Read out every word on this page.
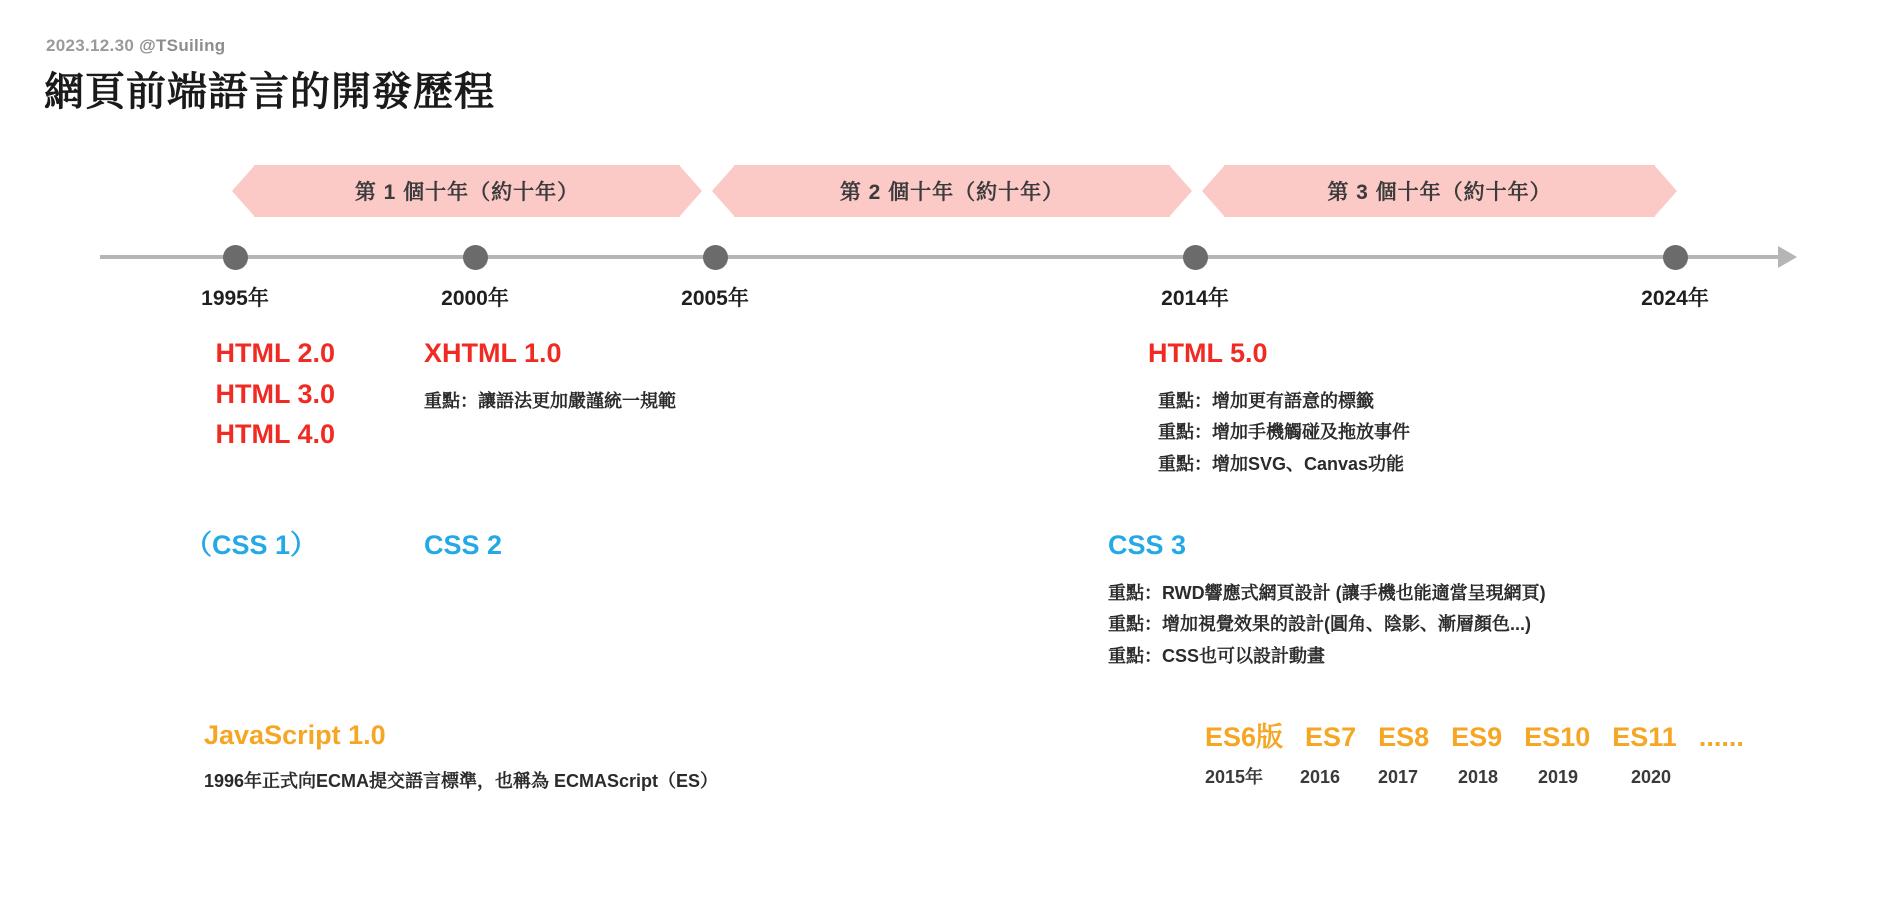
2023.12.30 @TSuiling
網頁前端語言的開發歷程
第 1 個十年（約十年）	第 2 個十年（約十年）	第 3 個十年（約十年）
1995年	2000年	2005年	2014年	2024年
HTML 2.0
HTML 3.0
HTML 4.0
XHTML 1.0
重點：讓語法更加嚴謹統一規範
HTML 5.0
重點：增加更有語意的標籤
重點：增加手機觸碰及拖放事件
重點：增加SVG、Canvas功能
（CSS 1）	CSS 2	CSS 3
重點：RWD響應式網頁設計 (讓手機也能適當呈現網頁)
重點：增加視覺效果的設計(圓角、陰影、漸層顏色...)
重點：CSS也可以設計動畫
JavaScript 1.0
1996年正式向ECMA提交語言標準，也稱為 ECMAScript（ES）
ES6版 ES7 ES8 ES9 ES10 ES11 ......
2015年	2016	2017	2018	2019	2020
